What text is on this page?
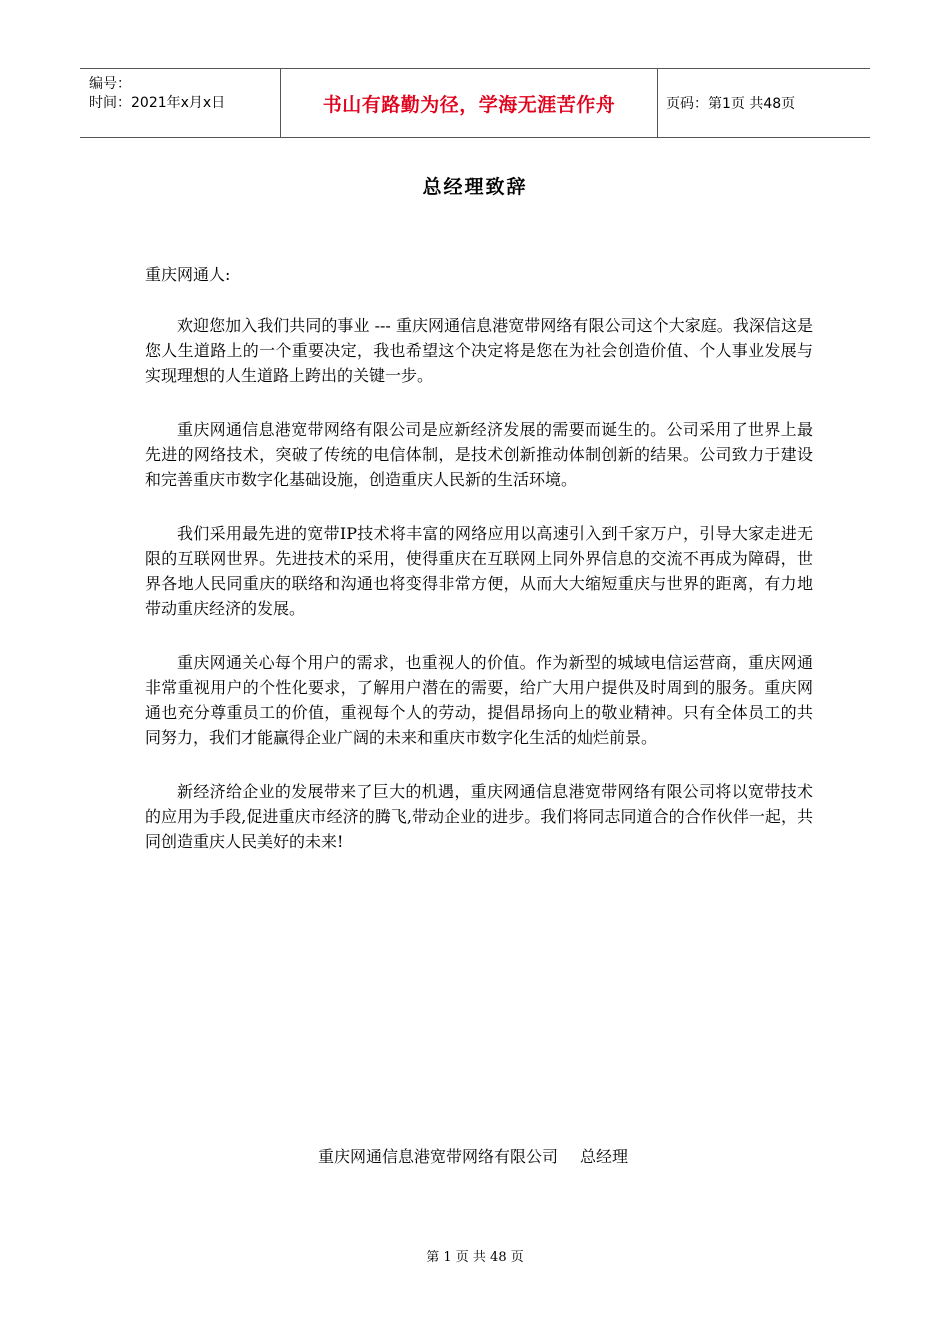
编号：
时间：2021年x月x日	书山有路勤为径，学海无涯苦作舟	页码：第1页 共48页
总经理致辞
重庆网通人:

欢迎您加入我们共同的事业 --- 重庆网通信息港宽带网络有限公司这个大家庭。我深信这是您人生道路上的一个重要决定，我也希望这个决定将是您在为社会创造价值、个人事业发展与实现理想的人生道路上跨出的关键一步。

重庆网通信息港宽带网络有限公司是应新经济发展的需要而诞生的。公司采用了世界上最先进的网络技术，突破了传统的电信体制，是技术创新推动体制创新的结果。公司致力于建设和完善重庆市数字化基础设施，创造重庆人民新的生活环境。

我们采用最先进的宽带IP技术将丰富的网络应用以高速引入到千家万户，引导大家走进无限的互联网世界。先进技术的采用，使得重庆在互联网上同外界信息的交流不再成为障碍，世界各地人民同重庆的联络和沟通也将变得非常方便，从而大大缩短重庆与世界的距离，有力地带动重庆经济的发展。

重庆网通关心每个用户的需求，也重视人的价值。作为新型的城域电信运营商，重庆网通非常重视用户的个性化要求，了解用户潜在的需要，给广大用户提供及时周到的服务。重庆网通也充分尊重员工的价值，重视每个人的劳动，提倡昂扬向上的敬业精神。只有全体员工的共同努力，我们才能赢得企业广阔的未来和重庆市数字化生活的灿烂前景。

新经济给企业的发展带来了巨大的机遇，重庆网通信息港宽带网络有限公司将以宽带技术的应用为手段,促进重庆市经济的腾飞,带动企业的进步。我们将同志同道合的合作伙伴一起，共同创造重庆人民美好的未来!

重庆网通信息港宽带网络有限公司 总经理
第 1 页 共 48 页
